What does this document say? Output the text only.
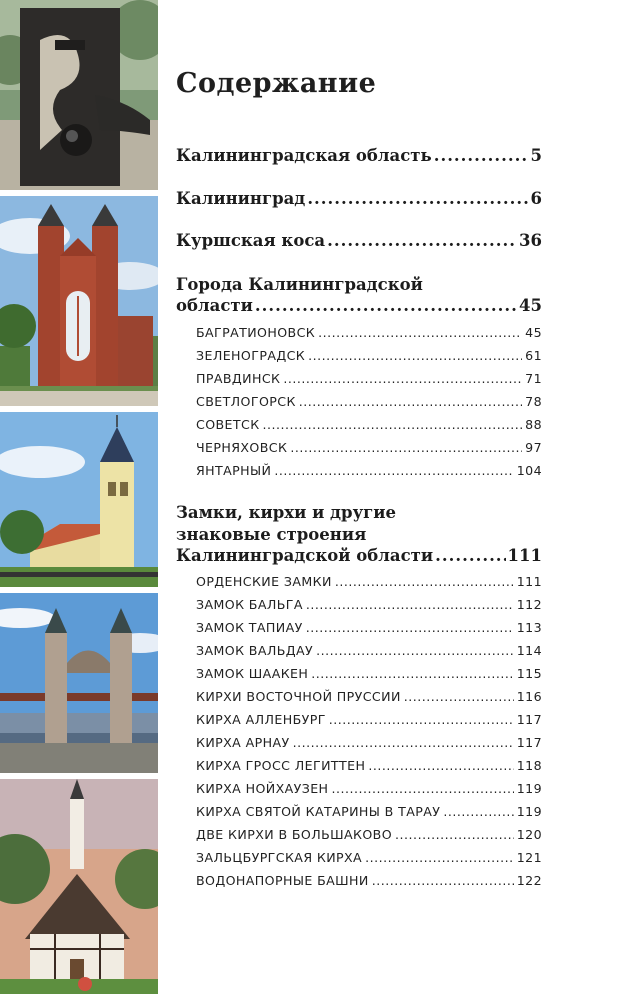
Содержание
Калининградская область .....	5
Калининград .....	6
Куршская коса .....	36
Города Калининградской
области .....	45
БАГРАТИОНОВСК .....	45
ЗЕЛЕНОГРАДСК .....	61
ПРАВДИНСК .....	71
СВЕТЛОГОРСК .....	78
СОВЕТСК .....	88
ЧЕРНЯХОВСК .....	97
ЯНТАРНЫЙ .....	104
Замки, кирхи и другие
знаковые строения
Калининградской области .....	111
ОРДЕНСКИЕ ЗАМКИ .....	111
ЗАМОК БАЛЬГА .....	112
ЗАМОК ТАПИАУ .....	113
ЗАМОК ВАЛЬДАУ .....	114
ЗАМОК ШААКЕН .....	115
КИРХИ ВОСТОЧНОЙ ПРУССИИ .....	116
КИРХА АЛЛЕНБУРГ .....	117
КИРХА АРНАУ .....	117
КИРХА ГРОСС ЛЕГИТТЕН .....	118
КИРХА НОЙХАУЗЕН .....	119
КИРХА СВЯТОЙ КАТАРИНЫ В ТАРАУ .....	119
ДВЕ КИРХИ В БОЛЬШАКОВО .....	120
ЗАЛЬЦБУРГСКАЯ КИРХА .....	121
ВОДОНАПОРНЫЕ БАШНИ .....	122
